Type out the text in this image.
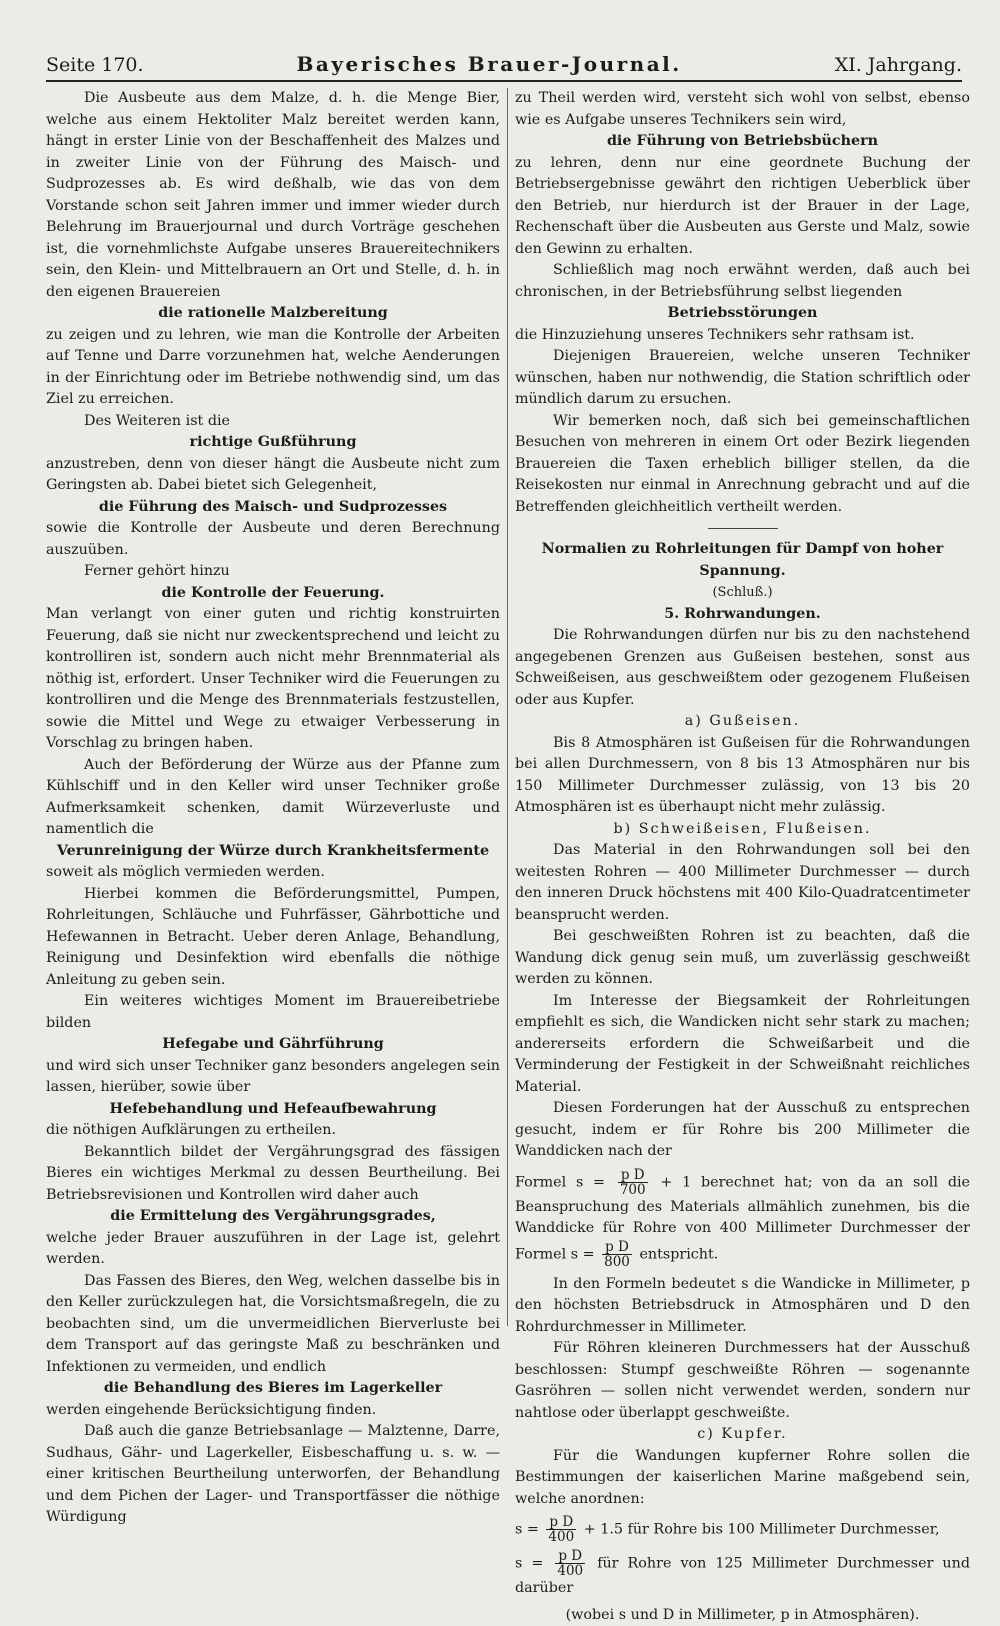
Seite 170.	Bayerisches Brauer-Journal.	XI. Jahrgang.

Die Ausbeute aus dem Malze, d. h. die Menge Bier, welche aus einem Hektoliter Malz bereitet werden kann, hängt in erster Linie von der Beschaffenheit des Malzes und in zweiter Linie von der Führung des Maisch- und Sudprozesses ab. Es wird deßhalb, wie das von dem Vorstande schon seit Jahren immer und immer wieder durch Belehrung im Brauerjournal und durch Vorträge geschehen ist, die vornehmlichste Aufgabe unseres Brauereitechnikers sein, den Klein- und Mittelbrauern an Ort und Stelle, d. h. in den eigenen Brauereien

die rationelle Malzbereitung

zu zeigen und zu lehren, wie man die Kontrolle der Arbeiten auf Tenne und Darre vorzunehmen hat, welche Aenderungen in der Einrichtung oder im Betriebe nothwendig sind, um das Ziel zu erreichen.

Des Weiteren ist die

richtige Gußführung

anzustreben, denn von dieser hängt die Ausbeute nicht zum Geringsten ab. Dabei bietet sich Gelegenheit,

die Führung des Maisch- und Sudprozesses

sowie die Kontrolle der Ausbeute und deren Berechnung auszuüben.

Ferner gehört hinzu

die Kontrolle der Feuerung.

Man verlangt von einer guten und richtig konstruirten Feuerung, daß sie nicht nur zweckentsprechend und leicht zu kontrolliren ist, sondern auch nicht mehr Brennmaterial als nöthig ist, erfordert. Unser Techniker wird die Feuerungen zu kontrolliren und die Menge des Brennmaterials festzustellen, sowie die Mittel und Wege zu etwaiger Verbesserung in Vorschlag zu bringen haben.

Auch der Beförderung der Würze aus der Pfanne zum Kühlschiff und in den Keller wird unser Techniker große Aufmerksamkeit schenken, damit Würzeverluste und namentlich die

Verunreinigung der Würze durch Krankheitsfermente

soweit als möglich vermieden werden.

Hierbei kommen die Beförderungsmittel, Pumpen, Rohrleitungen, Schläuche und Fuhrfässer, Gährbottiche und Hefewannen in Betracht. Ueber deren Anlage, Behandlung, Reinigung und Desinfektion wird ebenfalls die nöthige Anleitung zu geben sein.

Ein weiteres wichtiges Moment im Brauereibetriebe bilden

Hefegabe und Gährführung

und wird sich unser Techniker ganz besonders angelegen sein lassen, hierüber, sowie über

Hefebehandlung und Hefeaufbewahrung

die nöthigen Aufklärungen zu ertheilen.

Bekanntlich bildet der Vergährungsgrad des fässigen Bieres ein wichtiges Merkmal zu dessen Beurtheilung. Bei Betriebsrevisionen und Kontrollen wird daher auch

die Ermittelung des Vergährungsgrades,

welche jeder Brauer auszuführen in der Lage ist, gelehrt werden.

Das Fassen des Bieres, den Weg, welchen dasselbe bis in den Keller zurückzulegen hat, die Vorsichtsmaßregeln, die zu beobachten sind, um die unvermeidlichen Bierverluste bei dem Transport auf das geringste Maß zu beschränken und Infektionen zu vermeiden, und endlich

die Behandlung des Bieres im Lagerkeller

werden eingehende Berücksichtigung finden.

Daß auch die ganze Betriebsanlage — Malztenne, Darre, Sudhaus, Gähr- und Lagerkeller, Eisbeschaffung u. s. w. — einer kritischen Beurtheilung unterworfen, der Behandlung und dem Pichen der Lager- und Transportfässer die nöthige Würdigung

zu Theil werden wird, versteht sich wohl von selbst, ebenso wie es Aufgabe unseres Technikers sein wird,

die Führung von Betriebsbüchern

zu lehren, denn nur eine geordnete Buchung der Betriebsergebnisse gewährt den richtigen Ueberblick über den Betrieb, nur hierdurch ist der Brauer in der Lage, Rechenschaft über die Ausbeuten aus Gerste und Malz, sowie den Gewinn zu erhalten.

Schließlich mag noch erwähnt werden, daß auch bei chronischen, in der Betriebsführung selbst liegenden

Betriebsstörungen

die Hinzuziehung unseres Technikers sehr rathsam ist.

Diejenigen Brauereien, welche unseren Techniker wünschen, haben nur nothwendig, die Station schriftlich oder mündlich darum zu ersuchen.

Wir bemerken noch, daß sich bei gemeinschaftlichen Besuchen von mehreren in einem Ort oder Bezirk liegenden Brauereien die Taxen erheblich billiger stellen, da die Reisekosten nur einmal in Anrechnung gebracht und auf die Betreffenden gleichheitlich vertheilt werden.

Normalien zu Rohrleitungen für Dampf von hoher Spannung.

(Schluß.)

5. Rohrwandungen.

Die Rohrwandungen dürfen nur bis zu den nachstehend angegebenen Grenzen aus Gußeisen bestehen, sonst aus Schweißeisen, aus geschweißtem oder gezogenem Flußeisen oder aus Kupfer.

a) Gußeisen.

Bis 8 Atmosphären ist Gußeisen für die Rohrwandungen bei allen Durchmessern, von 8 bis 13 Atmosphären nur bis 150 Millimeter Durchmesser zulässig, von 13 bis 20 Atmosphären ist es überhaupt nicht mehr zulässig.

b) Schweißeisen, Flußeisen.

Das Material in den Rohrwandungen soll bei den weitesten Rohren — 400 Millimeter Durchmesser — durch den inneren Druck höchstens mit 400 Kilo-Quadratcentimeter beansprucht werden.

Bei geschweißten Rohren ist zu beachten, daß die Wandung dick genug sein muß, um zuverlässig geschweißt werden zu können.

Im Interesse der Biegsamkeit der Rohrleitungen empfiehlt es sich, die Wandicken nicht sehr stark zu machen; andererseits erfordern die Schweißarbeit und die Verminderung der Festigkeit in der Schweißnaht reichliches Material.

Diesen Forderungen hat der Ausschuß zu entsprechen gesucht, indem er für Rohre bis 200 Millimeter die Wanddicken nach der

Formel $s = \frac{\text{p D}}{700} + 1$ berechnet hat; von da an soll die Beanspruchung des Materials allmählich zunehmen, bis die Wanddicke für Rohre von 400 Millimeter Durchmesser der Formel $s = \frac{\text{p D}}{800}$ entspricht.

In den Formeln bedeutet s die Wandicke in Millimeter, p den höchsten Betriebsdruck in Atmosphären und D den Rohrdurchmesser in Millimeter.

Für Röhren kleineren Durchmessers hat der Ausschuß beschlossen: Stumpf geschweißte Röhren — sogenannte Gasröhren — sollen nicht verwendet werden, sondern nur nahtlose oder überlappt geschweißte.

c) Kupfer.

Für die Wandungen kupferner Rohre sollen die Bestimmungen der kaiserlichen Marine maßgebend sein, welche anordnen:

$s = \frac{\text{p D}}{400} + 1.5$ für Rohre bis 100 Millimeter Durchmesser,

$s = \frac{\text{p D}}{400}$ für Rohre von 125 Millimeter Durchmesser und darüber

(wobei s und D in Millimeter, p in Atmosphären).
